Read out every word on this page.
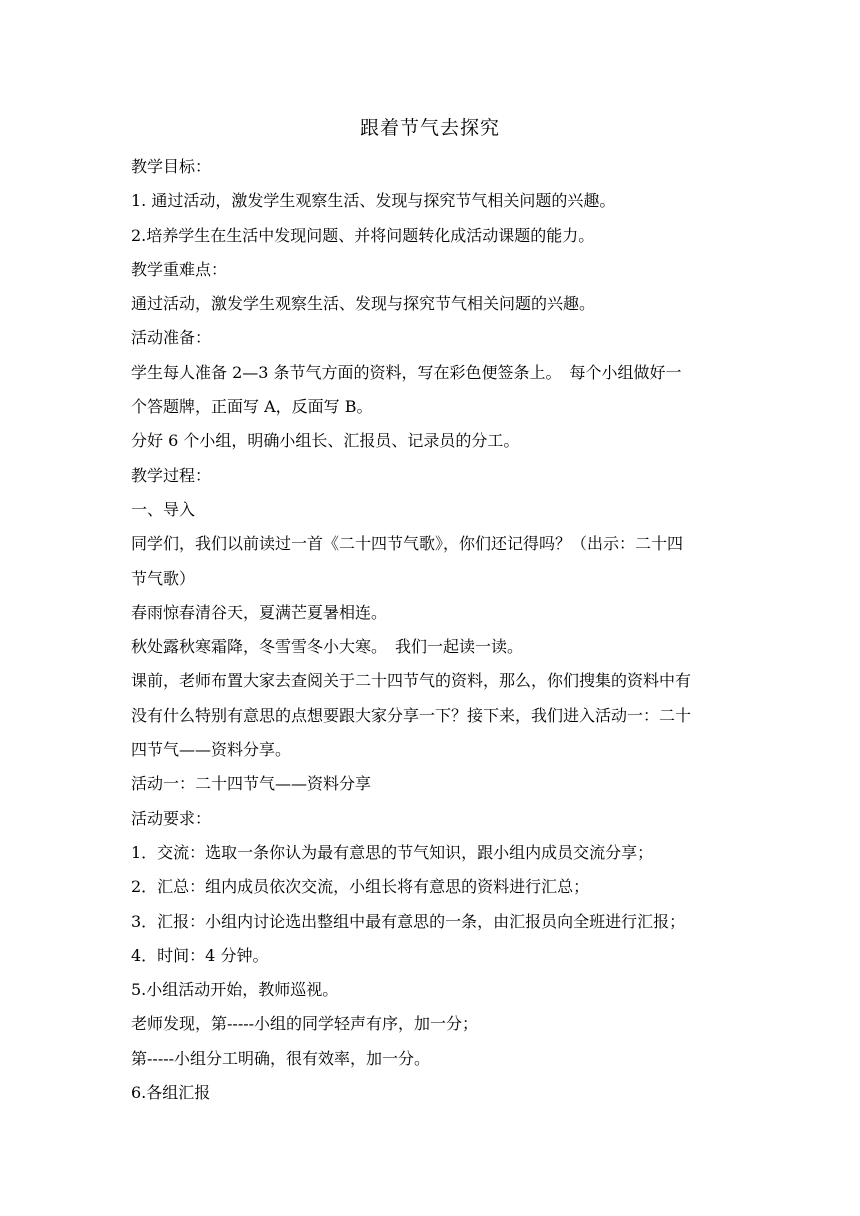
跟着节气去探究
教学目标：
1. 通过活动，激发学生观察生活、发现与探究节气相关问题的兴趣。
2.培养学生在生活中发现问题、并将问题转化成活动课题的能力。
教学重难点：
通过活动，激发学生观察生活、发现与探究节气相关问题的兴趣。
活动准备：
学生每人准备 2—3 条节气方面的资料，写在彩色便签条上。　每个小组做好一
个答题牌，正面写 A，反面写 B。
分好 6 个小组，明确小组长、汇报员、记录员的分工。
教学过程：
一、导入
同学们，我们以前读过一首《二十四节气歌》，你们还记得吗？（出示：二十四
节气歌）
春雨惊春清谷天，夏满芒夏暑相连。
秋处露秋寒霜降，冬雪雪冬小大寒。　我们一起读一读。
课前，老师布置大家去查阅关于二十四节气的资料，那么，你们搜集的资料中有
没有什么特别有意思的点想要跟大家分享一下？接下来，我们进入活动一：二十
四节气——资料分享。
活动一：二十四节气——资料分享
活动要求：
1．交流：选取一条你认为最有意思的节气知识，跟小组内成员交流分享；
2．汇总：组内成员依次交流，小组长将有意思的资料进行汇总；
3．汇报：小组内讨论选出整组中最有意思的一条，由汇报员向全班进行汇报；
4．时间：4 分钟。
5.小组活动开始，教师巡视。
老师发现，第-----小组的同学轻声有序，加一分；
第-----小组分工明确，很有效率，加一分。
6.各组汇报
